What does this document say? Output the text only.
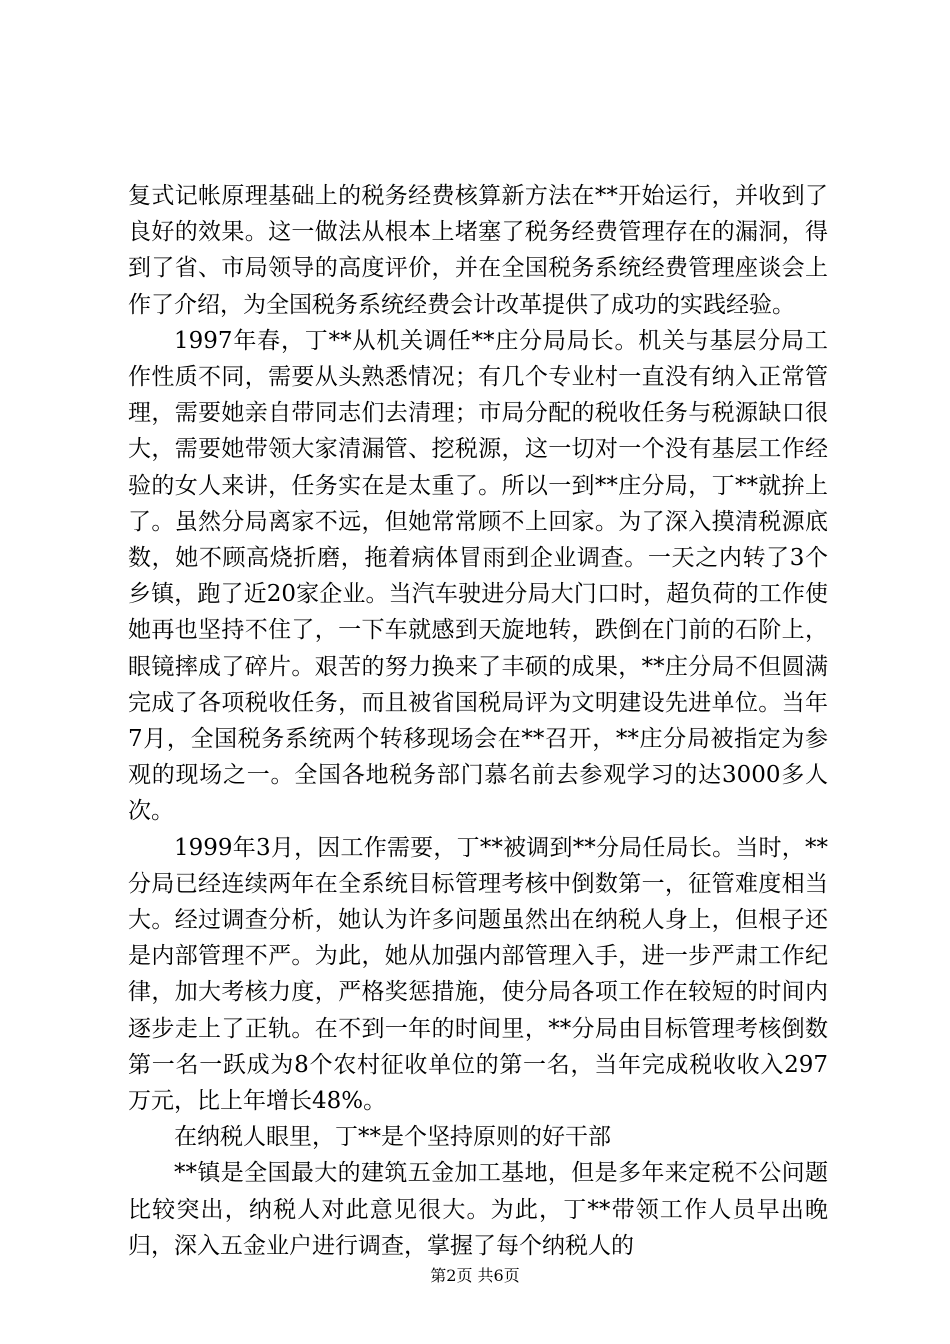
复式记帐原理基础上的税务经费核算新方法在**开始运行，并收到了良好的效果。这一做法从根本上堵塞了税务经费管理存在的漏洞，得到了省、市局领导的高度评价，并在全国税务系统经费管理座谈会上作了介绍，为全国税务系统经费会计改革提供了成功的实践经验。

1997年春，丁**从机关调任**庄分局局长。机关与基层分局工作性质不同，需要从头熟悉情况；有几个专业村一直没有纳入正常管理，需要她亲自带同志们去清理；市局分配的税收任务与税源缺口很大，需要她带领大家清漏管、挖税源，这一切对一个没有基层工作经验的女人来讲，任务实在是太重了。所以一到**庄分局，丁**就拚上了。虽然分局离家不远，但她常常顾不上回家。为了深入摸清税源底数，她不顾高烧折磨，拖着病体冒雨到企业调查。一天之内转了3个乡镇，跑了近20家企业。当汽车驶进分局大门口时，超负荷的工作使她再也坚持不住了，一下车就感到天旋地转，跌倒在门前的石阶上，眼镜摔成了碎片。艰苦的努力换来了丰硕的成果，**庄分局不但圆满完成了各项税收任务，而且被省国税局评为文明建设先进单位。当年7月，全国税务系统两个转移现场会在**召开，**庄分局被指定为参观的现场之一。全国各地税务部门慕名前去参观学习的达3000多人次。

1999年3月，因工作需要，丁**被调到**分局任局长。当时，**分局已经连续两年在全系统目标管理考核中倒数第一，征管难度相当大。经过调查分析，她认为许多问题虽然出在纳税人身上，但根子还是内部管理不严。为此，她从加强内部管理入手，进一步严肃工作纪律，加大考核力度，严格奖惩措施，使分局各项工作在较短的时间内逐步走上了正轨。在不到一年的时间里，**分局由目标管理考核倒数第一名一跃成为8个农村征收单位的第一名，当年完成税收收入297万元，比上年增长48%。

在纳税人眼里，丁**是个坚持原则的好干部

**镇是全国最大的建筑五金加工基地，但是多年来定税不公问题比较突出，纳税人对此意见很大。为此，丁**带领工作人员早出晚归，深入五金业户进行调查，掌握了每个纳税人的

第2页 共6页
